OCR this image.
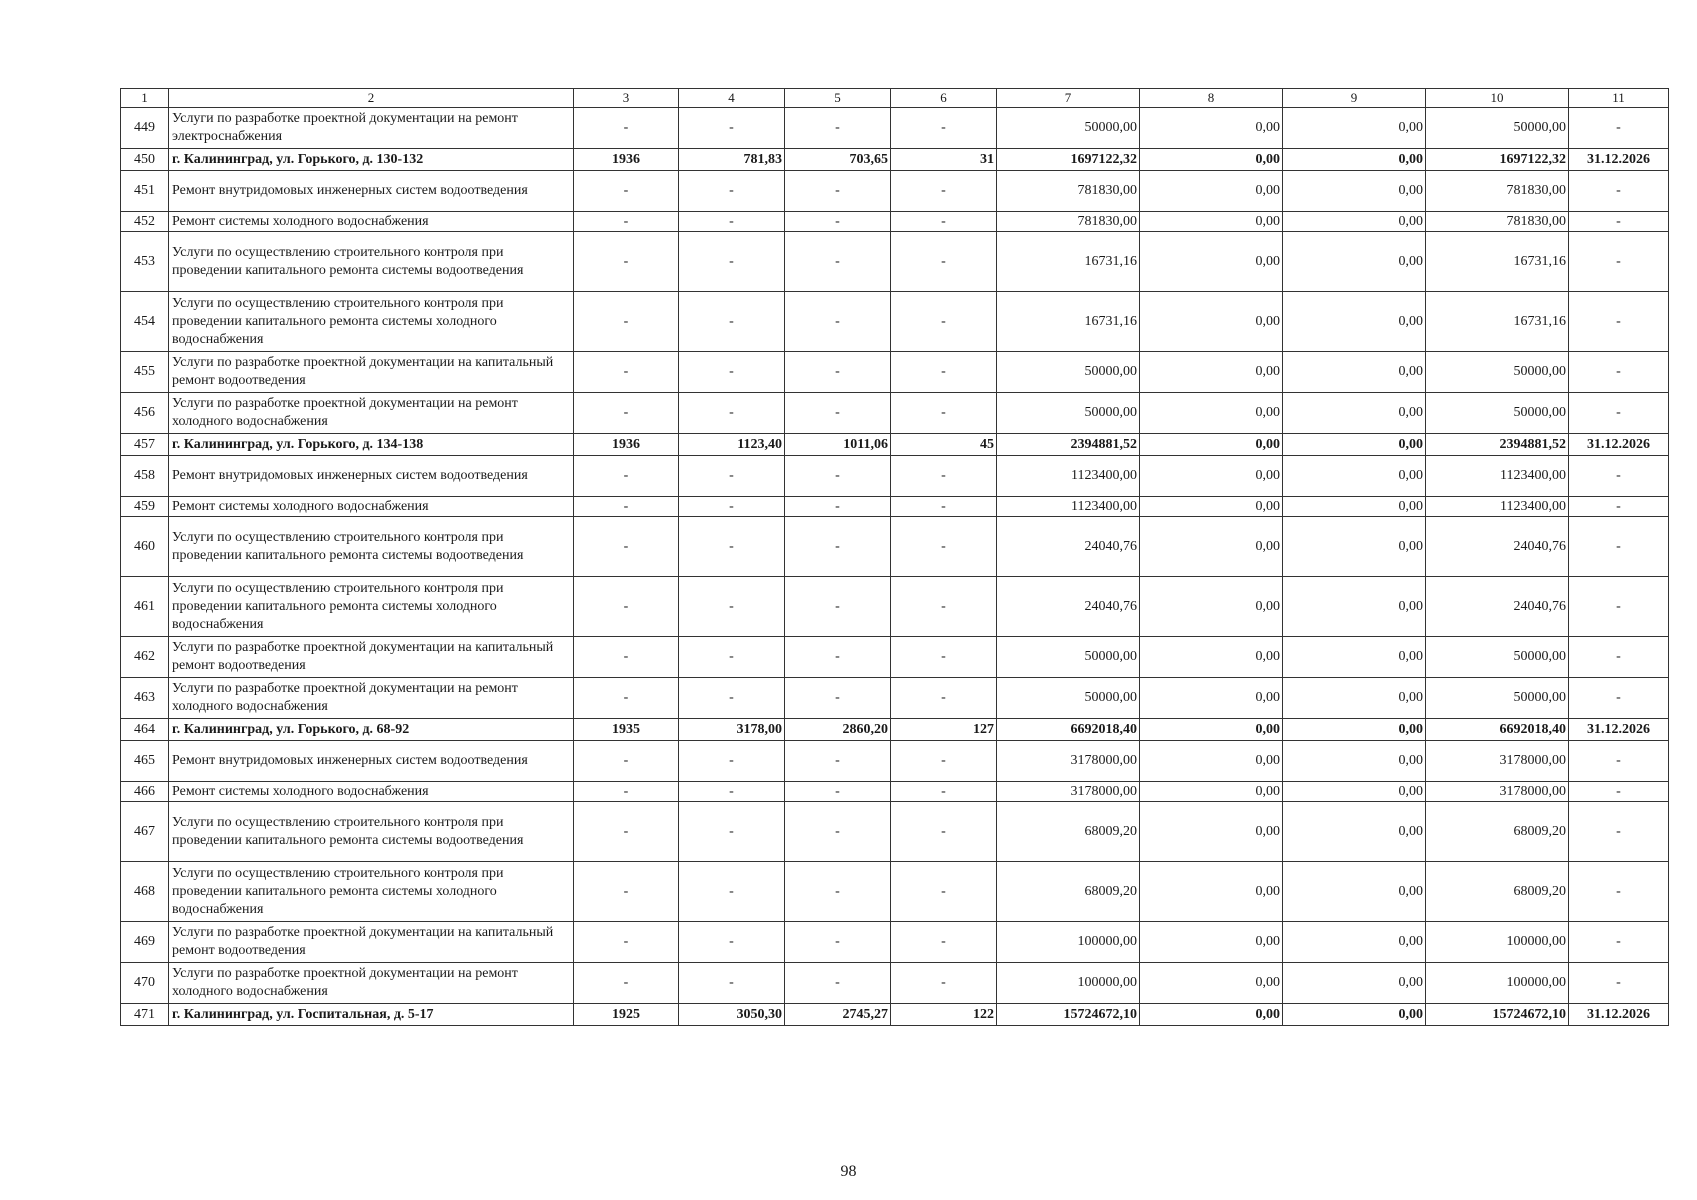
1	2	3	4	5	6	7	8	9	10	11
449	Услуги по разработке проектной документации на ремонт электроснабжения	-	-	-	-	50000,00	0,00	0,00	50000,00	-
450	г. Калининград, ул. Горького, д. 130-132	1936	781,83	703,65	31	1697122,32	0,00	0,00	1697122,32	31.12.2026
451	Ремонт внутридомовых инженерных систем водоотведения	-	-	-	-	781830,00	0,00	0,00	781830,00	-
452	Ремонт системы холодного водоснабжения	-	-	-	-	781830,00	0,00	0,00	781830,00	-
453	Услуги по осуществлению строительного контроля при проведении капитального ремонта системы водоотведения	-	-	-	-	16731,16	0,00	0,00	16731,16	-
454	Услуги по осуществлению строительного контроля при проведении капитального ремонта системы холодного водоснабжения	-	-	-	-	16731,16	0,00	0,00	16731,16	-
455	Услуги по разработке проектной документации на капитальный ремонт водоотведения	-	-	-	-	50000,00	0,00	0,00	50000,00	-
456	Услуги по разработке проектной документации на ремонт холодного водоснабжения	-	-	-	-	50000,00	0,00	0,00	50000,00	-
457	г. Калининград, ул. Горького, д. 134-138	1936	1123,40	1011,06	45	2394881,52	0,00	0,00	2394881,52	31.12.2026
458	Ремонт внутридомовых инженерных систем водоотведения	-	-	-	-	1123400,00	0,00	0,00	1123400,00	-
459	Ремонт системы холодного водоснабжения	-	-	-	-	1123400,00	0,00	0,00	1123400,00	-
460	Услуги по осуществлению строительного контроля при проведении капитального ремонта системы водоотведения	-	-	-	-	24040,76	0,00	0,00	24040,76	-
461	Услуги по осуществлению строительного контроля при проведении капитального ремонта системы холодного водоснабжения	-	-	-	-	24040,76	0,00	0,00	24040,76	-
462	Услуги по разработке проектной документации на капитальный ремонт водоотведения	-	-	-	-	50000,00	0,00	0,00	50000,00	-
463	Услуги по разработке проектной документации на ремонт холодного водоснабжения	-	-	-	-	50000,00	0,00	0,00	50000,00	-
464	г. Калининград, ул. Горького, д. 68-92	1935	3178,00	2860,20	127	6692018,40	0,00	0,00	6692018,40	31.12.2026
465	Ремонт внутридомовых инженерных систем водоотведения	-	-	-	-	3178000,00	0,00	0,00	3178000,00	-
466	Ремонт системы холодного водоснабжения	-	-	-	-	3178000,00	0,00	0,00	3178000,00	-
467	Услуги по осуществлению строительного контроля при проведении капитального ремонта системы водоотведения	-	-	-	-	68009,20	0,00	0,00	68009,20	-
468	Услуги по осуществлению строительного контроля при проведении капитального ремонта системы холодного водоснабжения	-	-	-	-	68009,20	0,00	0,00	68009,20	-
469	Услуги по разработке проектной документации на капитальный ремонт водоотведения	-	-	-	-	100000,00	0,00	0,00	100000,00	-
470	Услуги по разработке проектной документации на ремонт холодного водоснабжения	-	-	-	-	100000,00	0,00	0,00	100000,00	-
471	г. Калининград, ул. Госпитальная, д. 5-17	1925	3050,30	2745,27	122	15724672,10	0,00	0,00	15724672,10	31.12.2026
98
